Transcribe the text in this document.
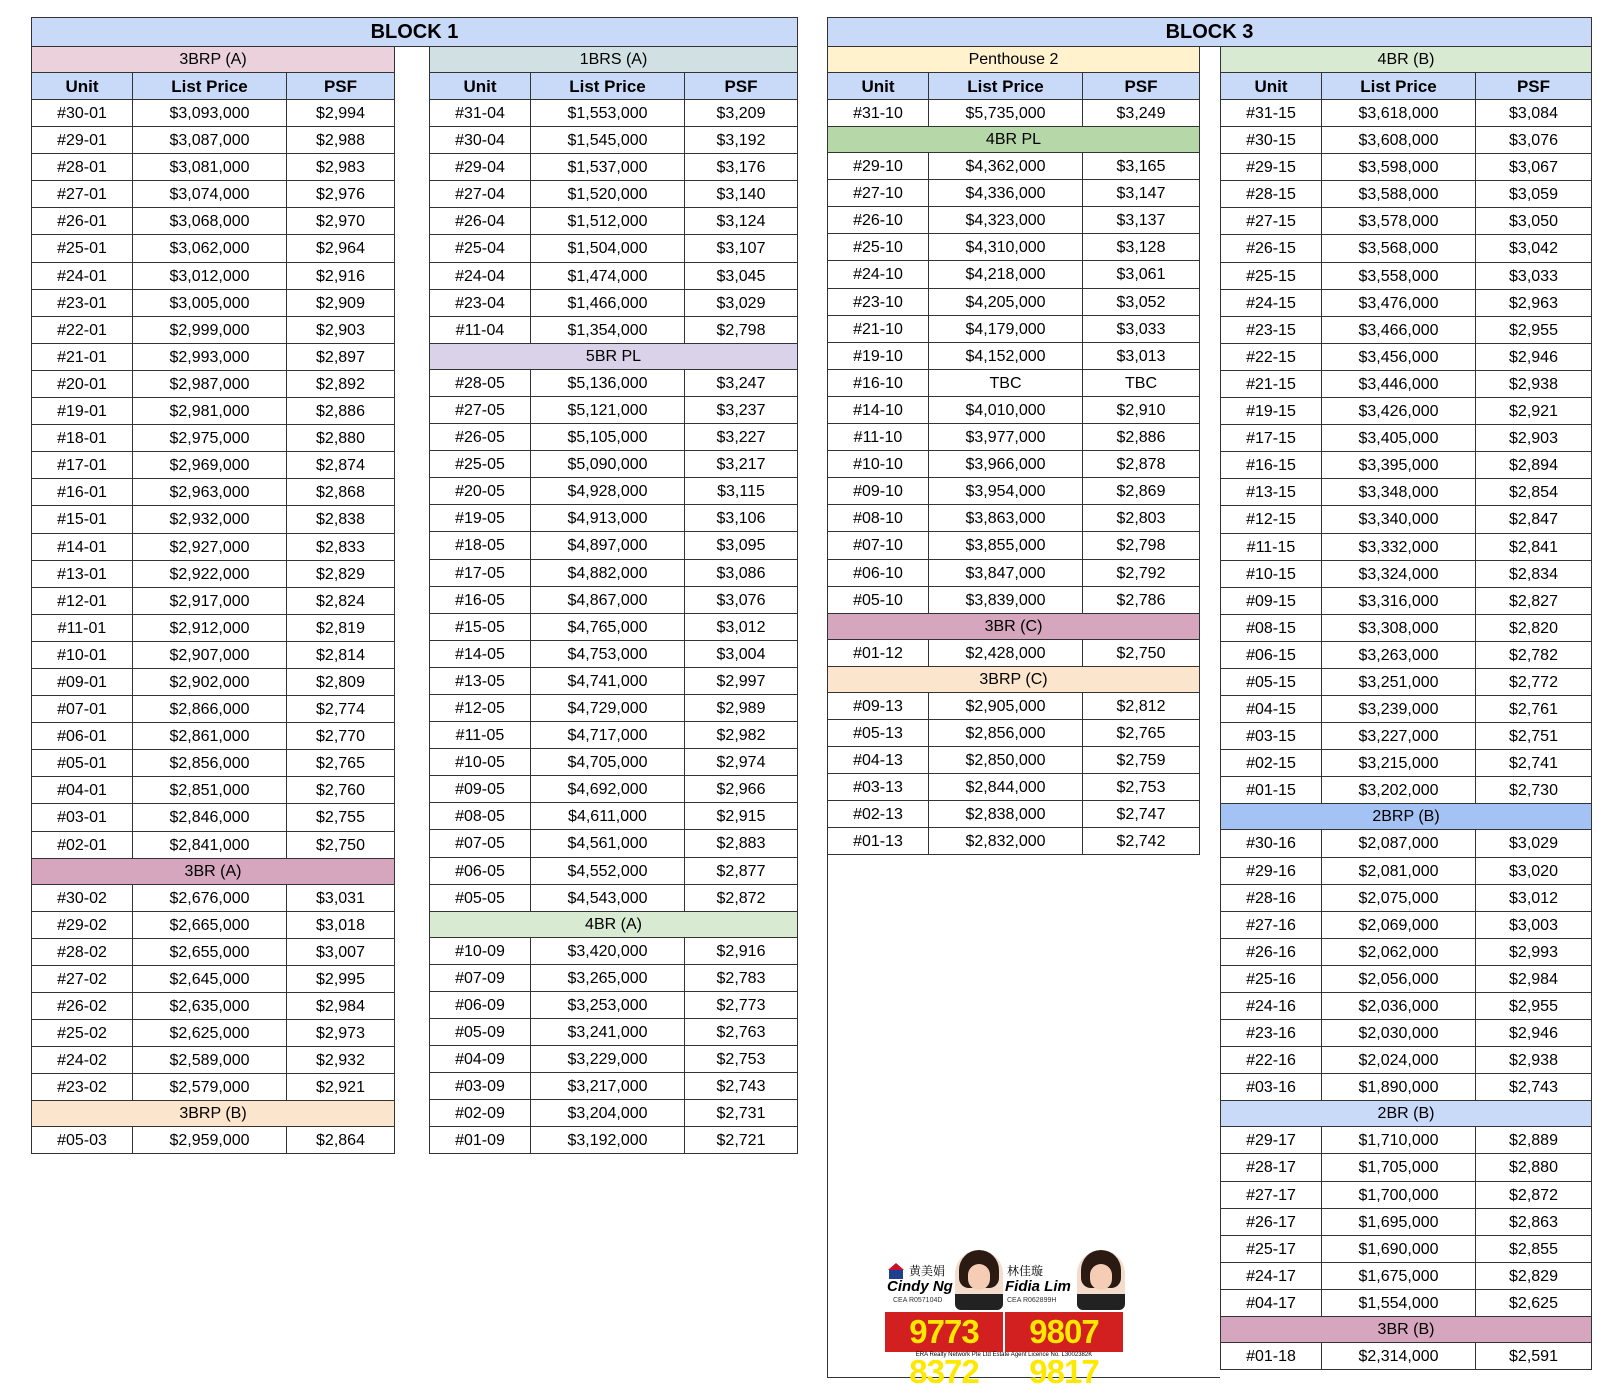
BLOCK 1
3BRP (A)
Unit	List Price	PSF
#30-01	$3,093,000	$2,994
#29-01	$3,087,000	$2,988
#28-01	$3,081,000	$2,983
#27-01	$3,074,000	$2,976
#26-01	$3,068,000	$2,970
#25-01	$3,062,000	$2,964
#24-01	$3,012,000	$2,916
#23-01	$3,005,000	$2,909
#22-01	$2,999,000	$2,903
#21-01	$2,993,000	$2,897
#20-01	$2,987,000	$2,892
#19-01	$2,981,000	$2,886
#18-01	$2,975,000	$2,880
#17-01	$2,969,000	$2,874
#16-01	$2,963,000	$2,868
#15-01	$2,932,000	$2,838
#14-01	$2,927,000	$2,833
#13-01	$2,922,000	$2,829
#12-01	$2,917,000	$2,824
#11-01	$2,912,000	$2,819
#10-01	$2,907,000	$2,814
#09-01	$2,902,000	$2,809
#07-01	$2,866,000	$2,774
#06-01	$2,861,000	$2,770
#05-01	$2,856,000	$2,765
#04-01	$2,851,000	$2,760
#03-01	$2,846,000	$2,755
#02-01	$2,841,000	$2,750
3BR (A)
#30-02	$2,676,000	$3,031
#29-02	$2,665,000	$3,018
#28-02	$2,655,000	$3,007
#27-02	$2,645,000	$2,995
#26-02	$2,635,000	$2,984
#25-02	$2,625,000	$2,973
#24-02	$2,589,000	$2,932
#23-02	$2,579,000	$2,921
3BRP (B)
#05-03	$2,959,000	$2,864
1BRS (A)
Unit	List Price	PSF
#31-04	$1,553,000	$3,209
#30-04	$1,545,000	$3,192
#29-04	$1,537,000	$3,176
#27-04	$1,520,000	$3,140
#26-04	$1,512,000	$3,124
#25-04	$1,504,000	$3,107
#24-04	$1,474,000	$3,045
#23-04	$1,466,000	$3,029
#11-04	$1,354,000	$2,798
5BR PL
#28-05	$5,136,000	$3,247
#27-05	$5,121,000	$3,237
#26-05	$5,105,000	$3,227
#25-05	$5,090,000	$3,217
#20-05	$4,928,000	$3,115
#19-05	$4,913,000	$3,106
#18-05	$4,897,000	$3,095
#17-05	$4,882,000	$3,086
#16-05	$4,867,000	$3,076
#15-05	$4,765,000	$3,012
#14-05	$4,753,000	$3,004
#13-05	$4,741,000	$2,997
#12-05	$4,729,000	$2,989
#11-05	$4,717,000	$2,982
#10-05	$4,705,000	$2,974
#09-05	$4,692,000	$2,966
#08-05	$4,611,000	$2,915
#07-05	$4,561,000	$2,883
#06-05	$4,552,000	$2,877
#05-05	$4,543,000	$2,872
4BR (A)
#10-09	$3,420,000	$2,916
#07-09	$3,265,000	$2,783
#06-09	$3,253,000	$2,773
#05-09	$3,241,000	$2,763
#04-09	$3,229,000	$2,753
#03-09	$3,217,000	$2,743
#02-09	$3,204,000	$2,731
#01-09	$3,192,000	$2,721
BLOCK 3
Penthouse 2
Unit	List Price	PSF
#31-10	$5,735,000	$3,249
4BR PL
#29-10	$4,362,000	$3,165
#27-10	$4,336,000	$3,147
#26-10	$4,323,000	$3,137
#25-10	$4,310,000	$3,128
#24-10	$4,218,000	$3,061
#23-10	$4,205,000	$3,052
#21-10	$4,179,000	$3,033
#19-10	$4,152,000	$3,013
#16-10	TBC	TBC
#14-10	$4,010,000	$2,910
#11-10	$3,977,000	$2,886
#10-10	$3,966,000	$2,878
#09-10	$3,954,000	$2,869
#08-10	$3,863,000	$2,803
#07-10	$3,855,000	$2,798
#06-10	$3,847,000	$2,792
#05-10	$3,839,000	$2,786
3BR (C)
#01-12	$2,428,000	$2,750
3BRP (C)
#09-13	$2,905,000	$2,812
#05-13	$2,856,000	$2,765
#04-13	$2,850,000	$2,759
#03-13	$2,844,000	$2,753
#02-13	$2,838,000	$2,747
#01-13	$2,832,000	$2,742
4BR (B)
Unit	List Price	PSF
#31-15	$3,618,000	$3,084
#30-15	$3,608,000	$3,076
#29-15	$3,598,000	$3,067
#28-15	$3,588,000	$3,059
#27-15	$3,578,000	$3,050
#26-15	$3,568,000	$3,042
#25-15	$3,558,000	$3,033
#24-15	$3,476,000	$2,963
#23-15	$3,466,000	$2,955
#22-15	$3,456,000	$2,946
#21-15	$3,446,000	$2,938
#19-15	$3,426,000	$2,921
#17-15	$3,405,000	$2,903
#16-15	$3,395,000	$2,894
#13-15	$3,348,000	$2,854
#12-15	$3,340,000	$2,847
#11-15	$3,332,000	$2,841
#10-15	$3,324,000	$2,834
#09-15	$3,316,000	$2,827
#08-15	$3,308,000	$2,820
#06-15	$3,263,000	$2,782
#05-15	$3,251,000	$2,772
#04-15	$3,239,000	$2,761
#03-15	$3,227,000	$2,751
#02-15	$3,215,000	$2,741
#01-15	$3,202,000	$2,730
2BRP (B)
#30-16	$2,087,000	$3,029
#29-16	$2,081,000	$3,020
#28-16	$2,075,000	$3,012
#27-16	$2,069,000	$3,003
#26-16	$2,062,000	$2,993
#25-16	$2,056,000	$2,984
#24-16	$2,036,000	$2,955
#23-16	$2,030,000	$2,946
#22-16	$2,024,000	$2,938
#03-16	$1,890,000	$2,743
2BR (B)
#29-17	$1,710,000	$2,889
#28-17	$1,705,000	$2,880
#27-17	$1,700,000	$2,872
#26-17	$1,695,000	$2,863
#25-17	$1,690,000	$2,855
#24-17	$1,675,000	$2,829
#04-17	$1,554,000	$2,625
3BR (B)
#01-18	$2,314,000	$2,591
黄美娟
Cindy Ng
CEA R057104D
林佳璇
Fidia Lim
CEA R062899H
9773 8372
9807 9817
ERA Realty Network Pte Ltd Estate Agent Licence No. L3002382K
